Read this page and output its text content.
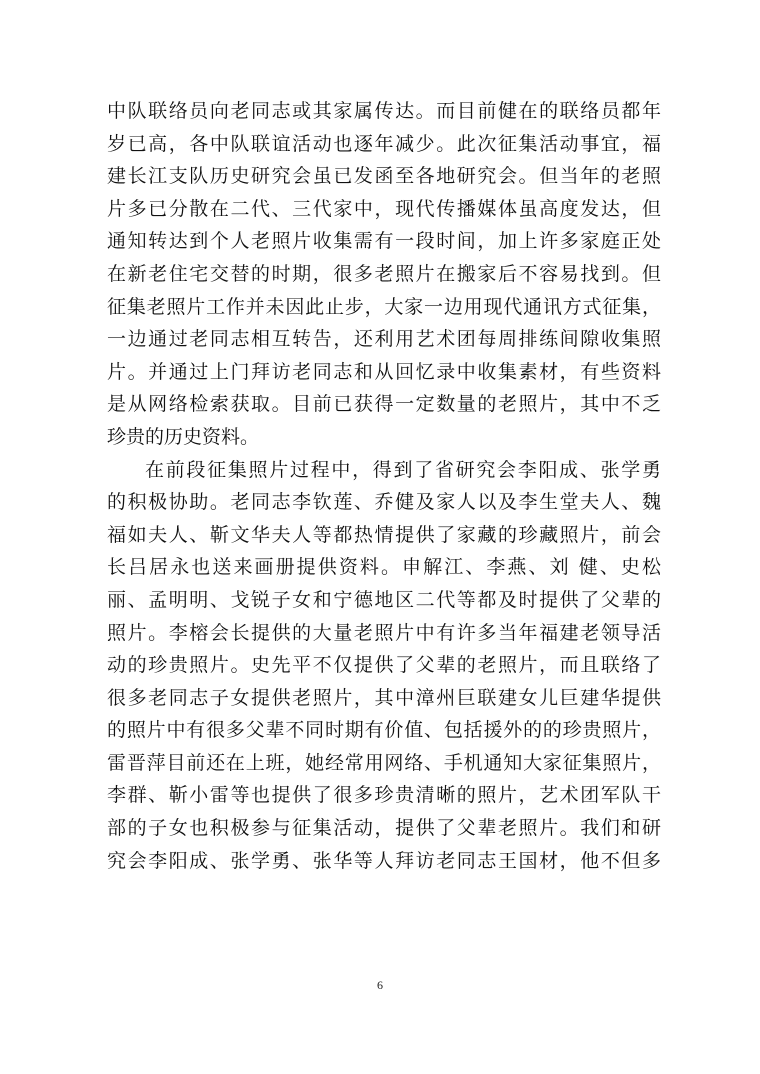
中队联络员向老同志或其家属传达。而目前健在的联络员都年
岁已高，各中队联谊活动也逐年减少。此次征集活动事宜，福
建长江支队历史研究会虽已发函至各地研究会。但当年的老照
片多已分散在二代、三代家中，现代传播媒体虽高度发达，但
通知转达到个人老照片收集需有一段时间，加上许多家庭正处
在新老住宅交替的时期，很多老照片在搬家后不容易找到。但
征集老照片工作并未因此止步，大家一边用现代通讯方式征集，
一边通过老同志相互转告，还利用艺术团每周排练间隙收集照
片。并通过上门拜访老同志和从回忆录中收集素材，有些资料
是从网络检索获取。目前已获得一定数量的老照片，其中不乏
珍贵的历史资料。
在前段征集照片过程中，得到了省研究会李阳成、张学勇
的积极协助。老同志李钦莲、乔健及家人以及李生堂夫人、魏
福如夫人、靳文华夫人等都热情提供了家藏的珍藏照片，前会
长吕居永也送来画册提供资料。申解江、李燕、刘 健、史松
丽、孟明明、戈锐子女和宁德地区二代等都及时提供了父辈的
照片。李榕会长提供的大量老照片中有许多当年福建老领导活
动的珍贵照片。史先平不仅提供了父辈的老照片，而且联络了
很多老同志子女提供老照片，其中漳州巨联建女儿巨建华提供
的照片中有很多父辈不同时期有价值、包括援外的的珍贵照片，
雷晋萍目前还在上班，她经常用网络、手机通知大家征集照片，
李群、靳小雷等也提供了很多珍贵清晰的照片，艺术团军队干
部的子女也积极参与征集活动，提供了父辈老照片。我们和研
究会李阳成、张学勇、张华等人拜访老同志王国材，他不但多
6
